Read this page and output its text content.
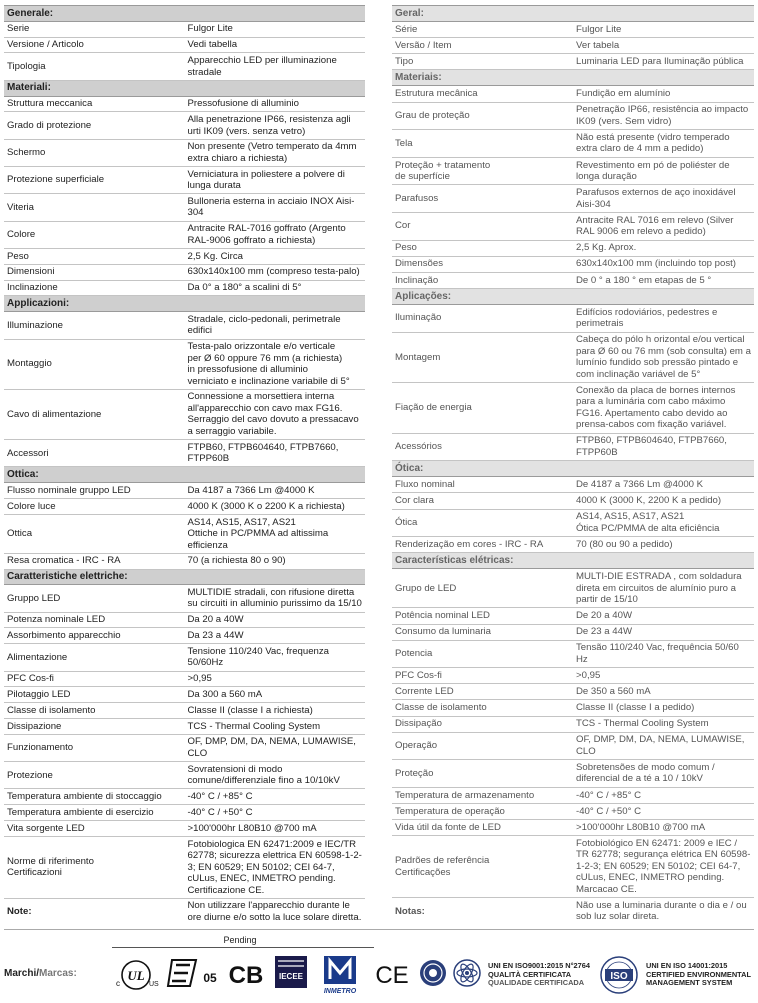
Generale:	
Serie	Fulgor Lite
Versione / Articolo	Vedi tabella
Tipologia	Apparecchio LED per illuminazione stradale
Materiali:	
Struttura meccanica	Pressofusione di alluminio
Grado di protezione	Alla penetrazione IP66, resistenza agli urti IK09 (vers. senza vetro)
Schermo	Non presente (Vetro temperato da 4mm extra chiaro a richiesta)
Protezione superficiale	Verniciatura in poliestere a polvere di lunga durata
Viteria	Bulloneria esterna in acciaio INOX Aisi-304
Colore	Antracite RAL-7016 goffrato (Argento RAL-9006 goffrato a richiesta)
Peso	2,5 Kg. Circa
Dimensioni	630x140x100 mm (compreso testa-palo)
Inclinazione	Da 0° a 180° a scalini di 5°
Applicazioni:	
Illuminazione	Stradale, ciclo-pedonali, perimetrale edifici
Montaggio	Testa-palo orizzontale e/o verticale
per Ø 60 oppure 76 mm (a richiesta)
in pressofusione di alluminio
verniciato e inclinazione variabile di 5°
Cavo di alimentazione	Connessione a morsettiera interna
all'apparecchio con cavo max FG16. Serraggio del cavo dovuto a pressacavo a serraggio variabile.
Accessori	FTPB60, FTPB604640, FTPB7660, FTPP60B
Ottica:	
Flusso nominale gruppo LED	Da 4187 a 7366 Lm @4000 K
Colore luce	4000 K (3000 K o 2200 K a richiesta)
Ottica	AS14, AS15, AS17, AS21
Ottiche in PC/PMMA ad altissima efficienza
Resa cromatica - IRC - RA	70 (a richiesta 80 o 90)
Caratteristiche elettriche:	
Gruppo LED	MULTIDIE stradali, con rifusione diretta su circuiti in alluminio purissimo da 15/10
Potenza nominale LED	Da 20 a 40W
Assorbimento apparecchio	Da 23 a 44W
Alimentazione	Tensione 110/240 Vac, frequenza 50/60Hz
PFC Cos-fi	>0,95
Pilotaggio LED	Da 300 a 560 mA
Classe di isolamento	Classe II (classe I a richiesta)
Dissipazione	TCS - Thermal Cooling System
Funzionamento	OF, DMP, DM, DA, NEMA, LUMAWISE, CLO
Protezione	Sovratensioni di modo comune/differenziale fino a 10/10kV
Temperatura ambiente di stoccaggio	-40° C / +85° C
Temperatura ambiente di esercizio	-40° C / +50° C
Vita sorgente LED	>100'000hr L80B10 @700 mA
Norme di riferimento
Certificazioni	Fotobiologica EN 62471:2009 e IEC/TR 62778; sicurezza elettrica EN 60598-1-2-3; EN 60529; EN 50102; CEI 64-7, cULus, ENEC, INMETRO pending. Certificazione CE.
Note:	Non utilizzare l'apparecchio durante le ore diurne e/o sotto la luce solare diretta.
Geral:	
Série	Fulgor Lite
Versão / Item	Ver tabela
Tipo	Luminaria LED para Iluminação pública
Materiais:	
Estrutura mecânica	Fundição em alumínio
Grau de proteção	Penetração IP66, resistência ao impacto IK09 (vers. Sem vidro)
Tela	Não está presente (vidro temperado extra claro de 4 mm a pedido)
Proteção + tratamento
de superfície	Revestimento em pó de poliéster de longa duração
Parafusos	Parafusos externos de aço inoxidável Aisi-304
Cor	Antracite RAL 7016 em relevo (Silver RAL 9006 em relevo a pedido)
Peso	2,5 Kg. Aprox.
Dimensões	630x140x100 mm (incluindo top post)
Inclinação	De 0 ° a 180 ° em etapas de 5 °
Aplicações:	
Iluminação	Edifícios rodoviários, pedestres e perimetrais
Montagem	Cabeça do pólo h orizontal e/ou vertical para Ø 60 ou 76 mm (sob consulta) em a lumínio fundido sob pressão pintado e com inclinação variável de 5°
Fiação de energia	Conexão da placa de bornes internos para a luminária com cabo máximo FG16. Apertamento cabo devido ao prensa-cabos com fixação variável.
Acessórios	FTPB60, FTPB604640, FTPB7660, FTPP60B
Ótica:	
Fluxo nominal	De 4187 a 7366 Lm @4000 K
Cor clara	4000 K (3000 K, 2200 K a pedido)
Ótica	AS14, AS15, AS17, AS21
Ótica PC/PMMA de alta eficiência
Renderização em cores - IRC - RA	70 (80 ou 90 a pedido)
Características elétricas:	
Grupo de LED	MULTI-DIE ESTRADA , com soldadura direta em circuitos de alumínio puro a partir de 15/10
Potência nominal LED	De 20 a 40W
Consumo da luminaria	De 23 a 44W
Potencia	Tensão 110/240 Vac, frequência 50/60 Hz
PFC Cos-fi	>0,95
Corrente LED	De 350 a 560 mA
Classe de isolamento	Classe II (classe I a pedido)
Dissipação	TCS - Thermal Cooling System
Operação	OF, DMP, DM, DA, NEMA, LUMAWISE, CLO
Proteção	Sobretensões de modo comum / diferencial de a té a 10 / 10kV
Temperatura de armazenamento	-40° C / +85° C
Temperatura de operação	-40° C / +50° C
Vida útil da fonte de LED	>100'000hr L80B10 @700 mA
Padrões de referência
Certificações	Fotobiológico EN 62471: 2009 e IEC / TR 62778; segurança elétrica EN 60598-1-2-3; EN 60529; EN 50102; CEI 64-7, cULus, ENEC, INMETRO pending. Marcacao CE.
Notas:	Não use a luminaria durante o dia e / ou sob luz solar direta.
Pending
Marchi/Marcas:
c
UL
US	05 CB IECEE
INMETRO
CE	UNI EN ISO9001:2015 N°2764
QUALITÀ CERTIFICATA
QUALIDADE CERTIFICADA
ISO
UNI EN ISO 14001:2015
CERTIFIED ENVIRONMENTAL
MANAGEMENT SYSTEM
